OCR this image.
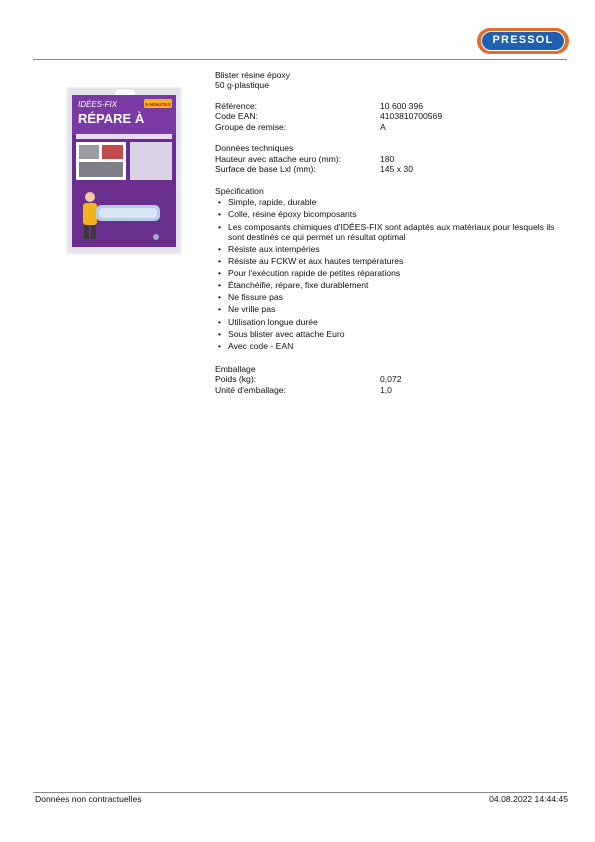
PRESSOL
IDÉES-FIX	5 MINUTES
RÉPARE À
Blister résine époxy
50 g-plastique
Référence:	10 600 396
Code EAN:	4103810700569
Groupe de remise:	A
Données techniques
Hauteur avec attache euro (mm):	180
Surface de base Lxl (mm):	145 x 30
Spécification
• Simple, rapide, durable
• Colle, résine époxy bicomposants
• Les composants chimiques d'IDÉES-FIX sont adaptés aux matériaux pour lesquels ils sont destinés ce qui permet un résultat optimal
• Résiste aux intempéries
• Résiste au FCKW et aux hautes températures
• Pour l'exécution rapide de petites réparations
• Étanchéifie, répare, fixe durablement
• Ne fissure pas
• Ne vrille pas
• Utilisation longue durée
• Sous blister avec attache Euro
• Avec code - EAN
Emballage
Poids (kg):	0,072
Unité d'emballage:	1,0
Données non contractuelles	04.08.2022 14:44:45
